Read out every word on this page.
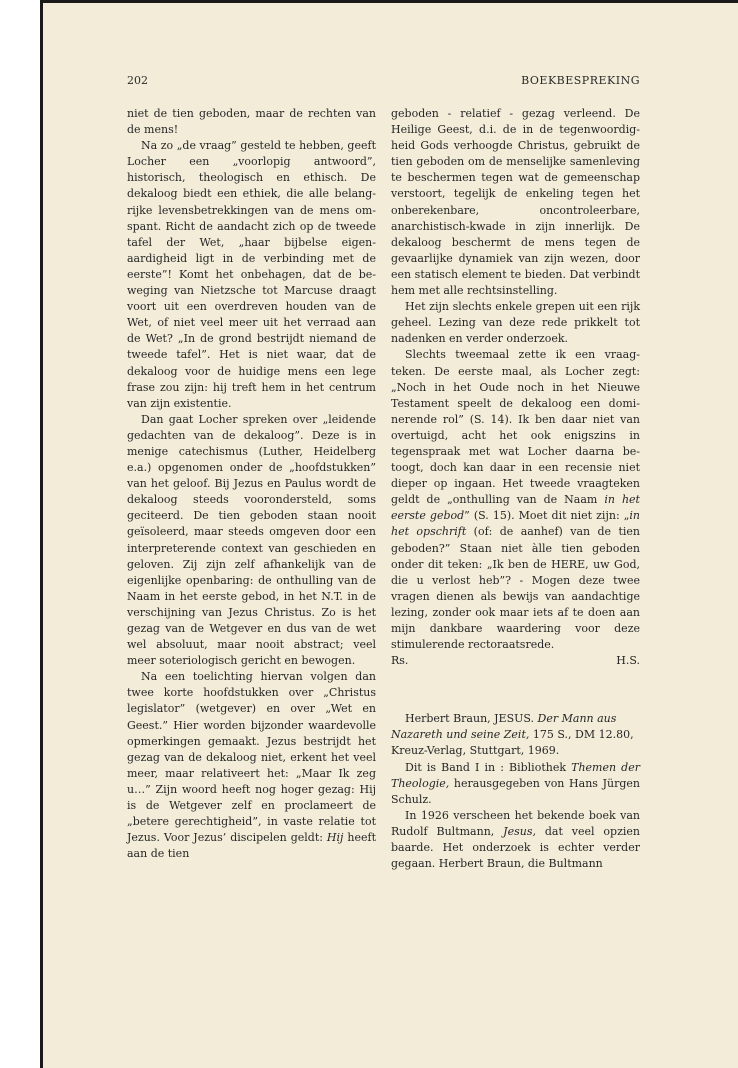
202	BOEKBESPREKING

niet de tien geboden, maar de rechten van de mens!

Na zo „de vraag” gesteld te hebben, geeft Locher een „voorlopig antwoord”, historisch, theologisch en ethisch. De dekaloog biedt een ethiek, die alle belangrijke levensbetrekkingen van de mens omspant. Richt de aandacht zich op de tweede tafel der Wet, „haar bijbelse eigenaardigheid ligt in de verbinding met de eerste”! Komt het onbehagen, dat de beweging van Nietzsche tot Marcuse draagt voort uit een overdreven houden van de Wet, of niet veel meer uit het verraad aan de Wet? „In de grond bestrijdt niemand de tweede tafel”. Het is niet waar, dat de dekaloog voor de huidige mens een lege frase zou zijn: hij treft hem in het centrum van zijn existentie.

Dan gaat Locher spreken over „leidende gedachten van de dekaloog”. Deze is in menige catechismus (Luther, Heidelberg e.a.) opgenomen onder de „hoofdstukken” van het geloof. Bij Jezus en Paulus wordt de dekaloog steeds voorondersteld, soms geciteerd. De tien geboden staan nooit geïsoleerd, maar steeds omgeven door een interpreterende context van geschieden en geloven. Zij zijn zelf afhankelijk van de eigenlijke openbaring: de onthulling van de Naam in het eerste gebod, in het N.T. in de verschijning van Jezus Christus. Zo is het gezag van de Wetgever en dus van de wet wel absoluut, maar nooit abstract; veel meer soteriologisch gericht en bewogen.

Na een toelichting hiervan volgen dan twee korte hoofdstukken over „Christus legislator” (wetgever) en over „Wet en Geest.” Hier worden bijzonder waardevolle opmerkingen gemaakt. Jezus bestrijdt het gezag van de dekaloog niet, erkent het veel meer, maar relativeert het: „Maar Ik zeg u…” Zijn woord heeft nog hoger gezag: Hij is de Wetgever zelf en proclameert de „betere gerechtigheid”, in vaste relatie tot Jezus. Voor Jezus’ discipelen geldt: Hij heeft aan de tien

geboden - relatief - gezag verleend. De Heilige Geest, d.i. de in de tegenwoordigheid Gods verhoogde Christus, gebruikt de tien geboden om de menselijke samenleving te beschermen tegen wat de gemeenschap verstoort, tegelijk de enkeling tegen het onberekenbare, oncontroleerbare, anarchistisch-kwade in zijn innerlijk. De dekaloog beschermt de mens tegen de gevaarlijke dynamiek van zijn wezen, door een statisch element te bieden. Dat verbindt hem met alle rechtsinstelling.

Het zijn slechts enkele grepen uit een rijk geheel. Lezing van deze rede prikkelt tot nadenken en verder onderzoek.

Slechts tweemaal zette ik een vraagteken. De eerste maal, als Locher zegt: „Noch in het Oude noch in het Nieuwe Testament speelt de dekaloog een dominerende rol” (S. 14). Ik ben daar niet van overtuigd, acht het ook enigszins in tegenspraak met wat Locher daarna betoogt, doch kan daar in een recensie niet dieper op ingaan. Het tweede vraagteken geldt de „onthulling van de Naam in het eerste gebod” (S. 15). Moet dit niet zijn: „in het opschrift (of: de aanhef) van de tien geboden?” Staan niet àlle tien geboden onder dit teken: „Ik ben de HERE, uw God, die u verlost heb”? - Mogen deze twee vragen dienen als bewijs van aandachtige lezing, zonder ook maar iets af te doen aan mijn dankbare waardering voor deze stimulerende rectoraatsrede.

Rs.	H.S.

Herbert Braun, JESUS. Der Mann aus Nazareth und seine Zeit, 175 S., DM 12.80, Kreuz-Verlag, Stuttgart, 1969.

Dit is Band I in : Bibliothek Themen der Theologie, herausgegeben von Hans Jürgen Schulz.

In 1926 verscheen het bekende boek van Rudolf Bultmann, Jesus, dat veel opzien baarde. Het onderzoek is echter verder gegaan. Herbert Braun, die Bultmann
